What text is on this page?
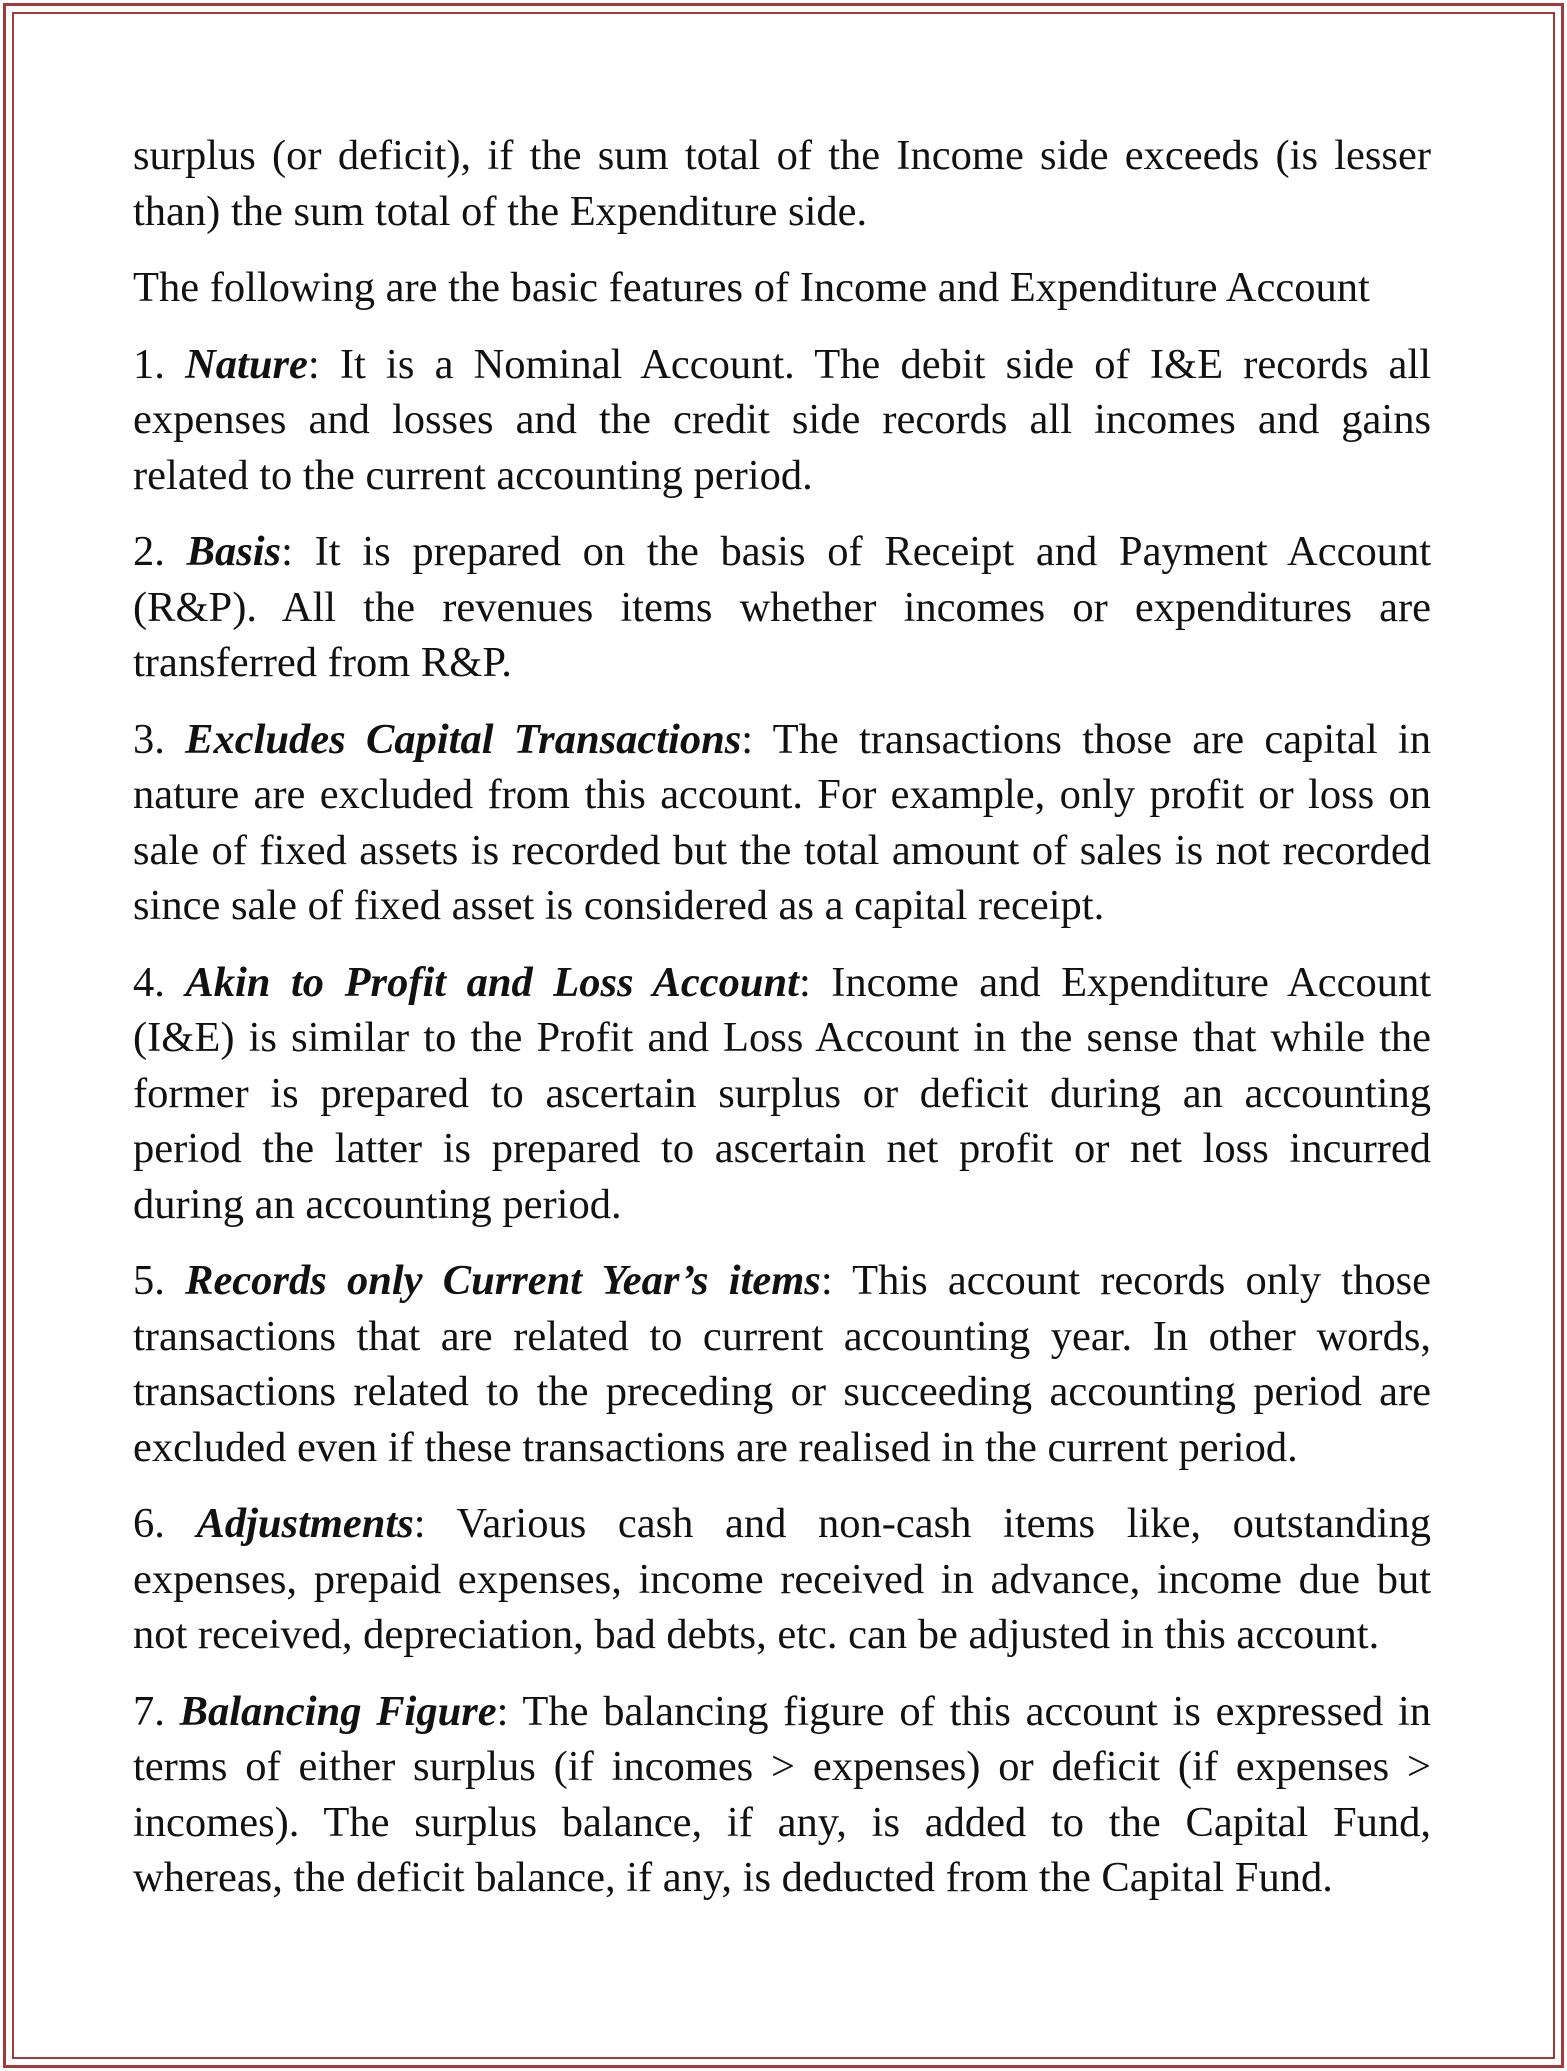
surplus (or deficit), if the sum total of the Income side exceeds (is lesser than) the sum total of the Expenditure side.

The following are the basic features of Income and Expenditure Account

1. Nature: It is a Nominal Account. The debit side of I&E records all expenses and losses and the credit side records all incomes and gains related to the current accounting period.

2. Basis: It is prepared on the basis of Receipt and Payment Account (R&P). All the revenues items whether incomes or expenditures are transferred from R&P.

3. Excludes Capital Transactions: The transactions those are capital in nature are excluded from this account. For example, only profit or loss on sale of fixed assets is recorded but the total amount of sales is not recorded since sale of fixed asset is considered as a capital receipt.

4. Akin to Profit and Loss Account: Income and Expenditure Account (I&E) is similar to the Profit and Loss Account in the sense that while the former is prepared to ascertain surplus or deficit during an accounting period the latter is prepared to ascertain net profit or net loss incurred during an accounting period.

5. Records only Current Year’s items: This account records only those transactions that are related to current accounting year. In other words, transactions related to the preceding or succeeding accounting period are excluded even if these transactions are realised in the current period.

6. Adjustments: Various cash and non-cash items like, outstanding expenses, prepaid expenses, income received in advance, income due but not received, depreciation, bad debts, etc. can be adjusted in this account.

7. Balancing Figure: The balancing figure of this account is expressed in terms of either surplus (if incomes > expenses) or deficit (if expenses > incomes). The surplus balance, if any, is added to the Capital Fund, whereas, the deficit balance, if any, is deducted from the Capital Fund.
